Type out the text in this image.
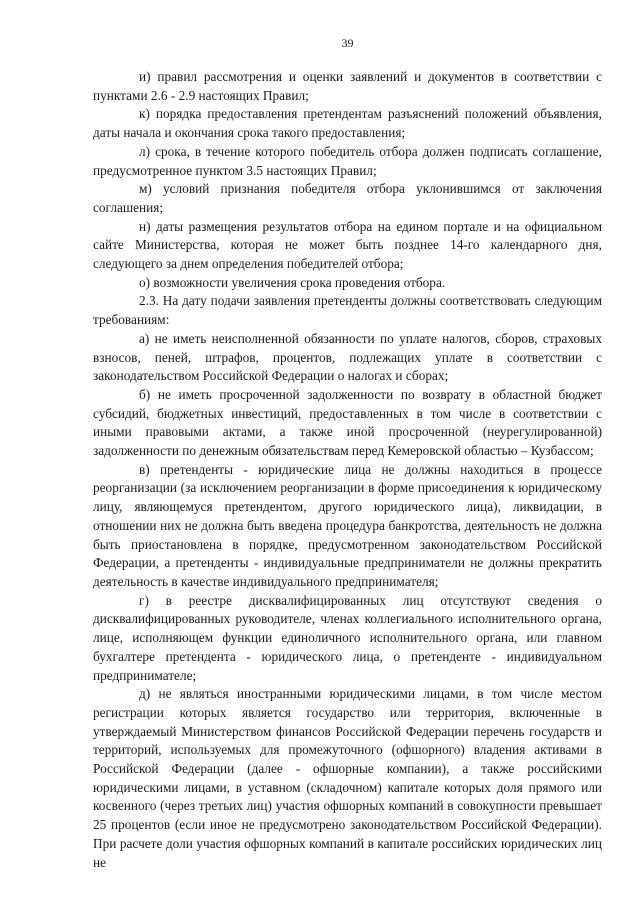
39

и) правил рассмотрения и оценки заявлений и документов в соответствии с пунктами 2.6 - 2.9 настоящих Правил;

к) порядка предоставления претендентам разъяснений положений объявления, даты начала и окончания срока такого предоставления;

л) срока, в течение которого победитель отбора должен подписать соглашение, предусмотренное пунктом 3.5 настоящих Правил;

м) условий признания победителя отбора уклонившимся от заключения соглашения;

н) даты размещения результатов отбора на едином портале и на официальном сайте Министерства, которая не может быть позднее 14-го календарного дня, следующего за днем определения победителей отбора;

о) возможности увеличения срока проведения отбора.

2.3. На дату подачи заявления претенденты должны соответствовать следующим требованиям:

а) не иметь неисполненной обязанности по уплате налогов, сборов, страховых взносов, пеней, штрафов, процентов, подлежащих уплате в соответствии с законодательством Российской Федерации о налогах и сборах;

б) не иметь просроченной задолженности по возврату в областной бюджет субсидий, бюджетных инвестиций, предоставленных в том числе в соответствии с иными правовыми актами, а также иной просроченной (неурегулированной) задолженности по денежным обязательствам перед Кемеровской областью – Кузбассом;

в) претенденты - юридические лица не должны находиться в процессе реорганизации (за исключением реорганизации в форме присоединения к юридическому лицу, являющемуся претендентом, другого юридического лица), ликвидации, в отношении них не должна быть введена процедура банкротства, деятельность не должна быть приостановлена в порядке, предусмотренном законодательством Российской Федерации, а претенденты - индивидуальные предприниматели не должны прекратить деятельность в качестве индивидуального предпринимателя;

г) в реестре дисквалифицированных лиц отсутствуют сведения о дисквалифицированных руководителе, членах коллегиального исполнительного органа, лице, исполняющем функции единоличного исполнительного органа, или главном бухгалтере претендента - юридического лица, о претенденте - индивидуальном предпринимателе;

д) не являться иностранными юридическими лицами, в том числе местом регистрации которых является государство или территория, включенные в утверждаемый Министерством финансов Российской Федерации перечень государств и территорий, используемых для промежуточного (офшорного) владения активами в Российской Федерации (далее - офшорные компании), а также российскими юридическими лицами, в уставном (складочном) капитале которых доля прямого или косвенного (через третьих лиц) участия офшорных компаний в совокупности превышает 25 процентов (если иное не предусмотрено законодательством Российской Федерации). При расчете доли участия офшорных компаний в капитале российских юридических лиц не
